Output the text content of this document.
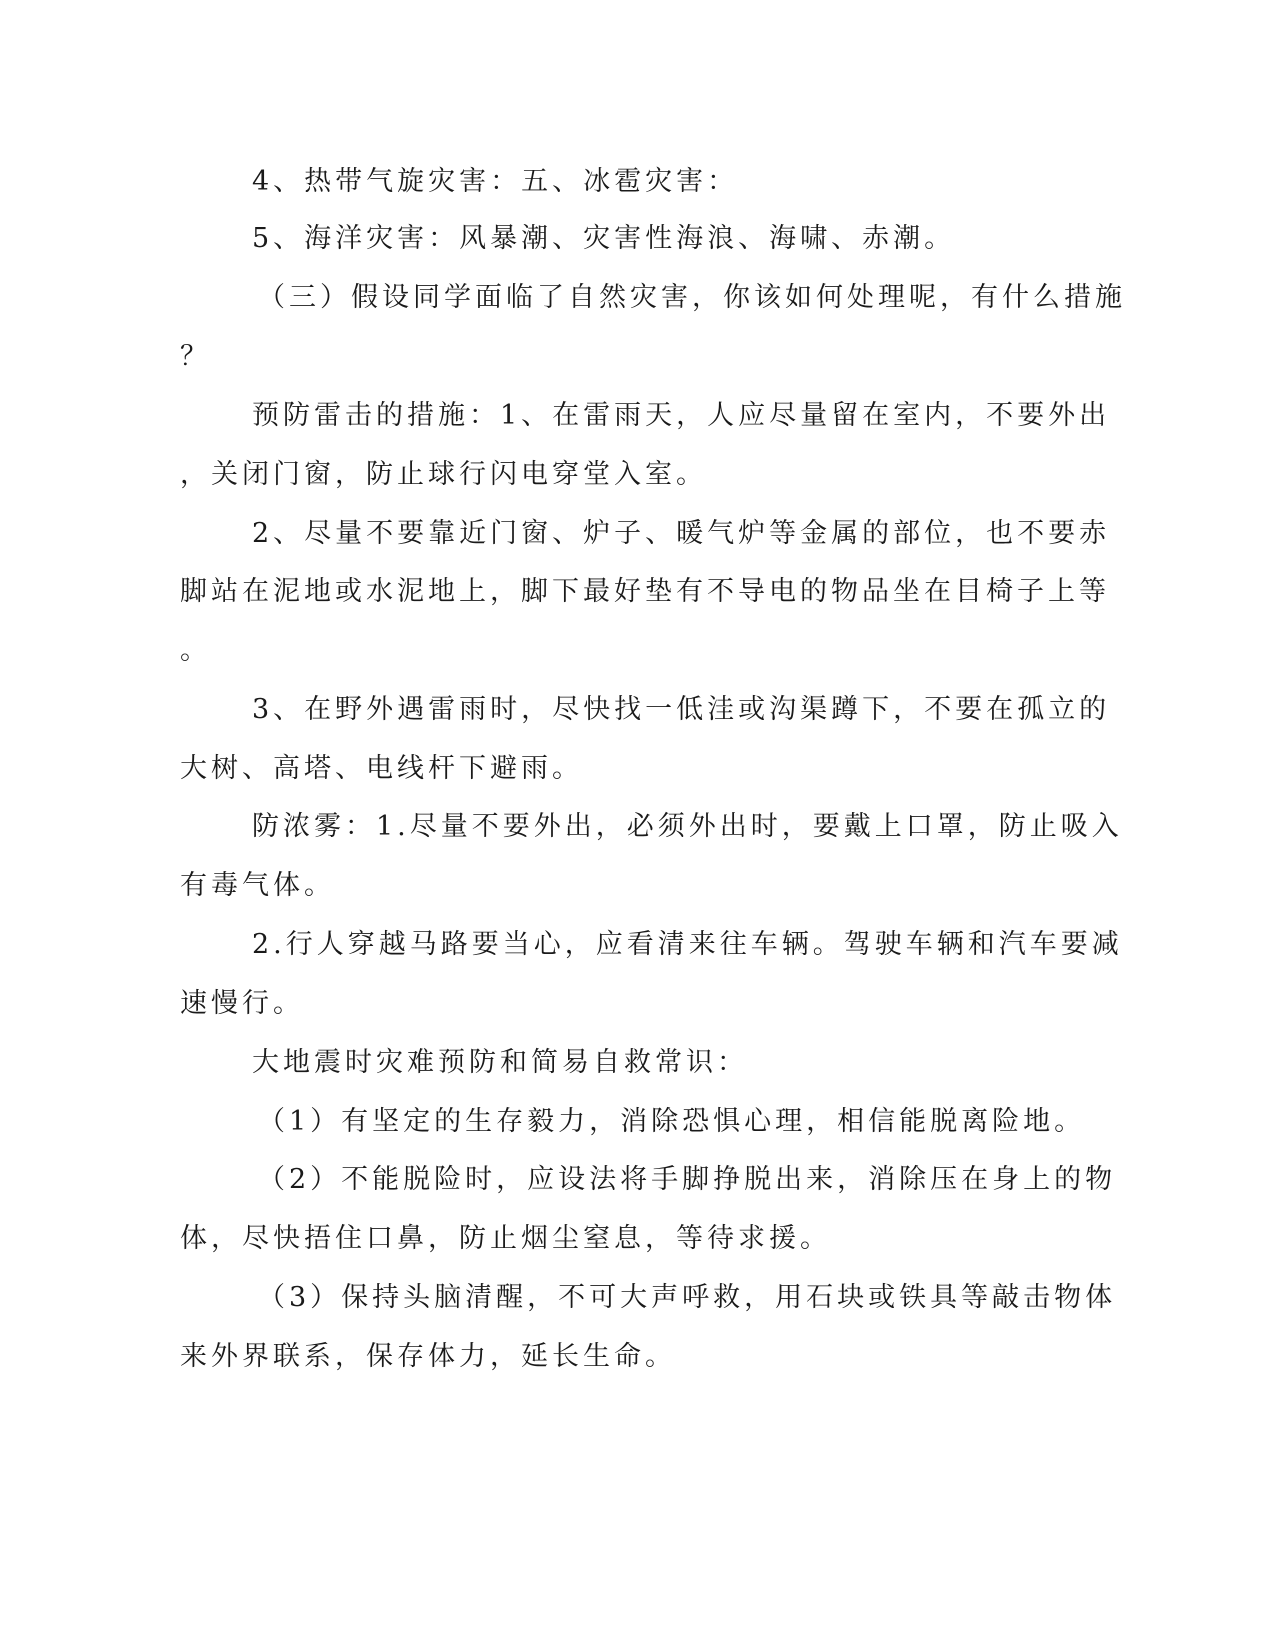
4、热带气旋灾害：五、冰雹灾害：

5、海洋灾害：风暴潮、灾害性海浪、海啸、赤潮。

（三）假设同学面临了自然灾害，你该如何处理呢，有什么措施

？

预防雷击的措施：1、在雷雨天，人应尽量留在室内，不要外出

，关闭门窗，防止球行闪电穿堂入室。

2、尽量不要靠近门窗、炉子、暖气炉等金属的部位，也不要赤

脚站在泥地或水泥地上，脚下最好垫有不导电的物品坐在目椅子上等

。

3、在野外遇雷雨时，尽快找一低洼或沟渠蹲下，不要在孤立的

大树、高塔、电线杆下避雨。

防浓雾：1.尽量不要外出，必须外出时，要戴上口罩，防止吸入

有毒气体。

2.行人穿越马路要当心，应看清来往车辆。驾驶车辆和汽车要减

速慢行。

大地震时灾难预防和简易自救常识：

（1）有坚定的生存毅力，消除恐惧心理，相信能脱离险地。

（2）不能脱险时，应设法将手脚挣脱出来，消除压在身上的物

体，尽快捂住口鼻，防止烟尘窒息，等待求援。

（3）保持头脑清醒，不可大声呼救，用石块或铁具等敲击物体

来外界联系，保存体力，延长生命。
